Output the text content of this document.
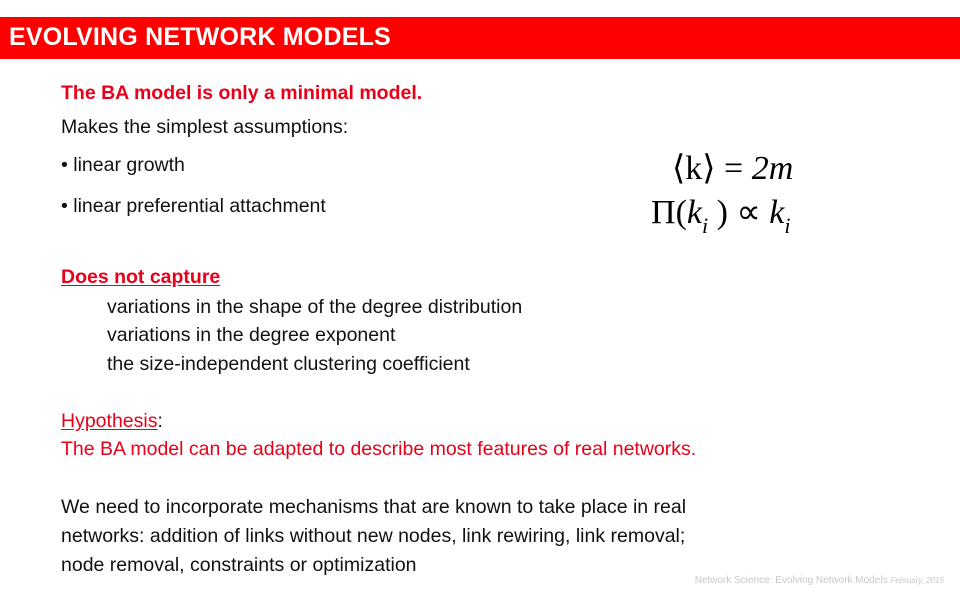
EVOLVING NETWORK MODELS
The BA model is only a minimal model.
Makes the simplest assumptions:
• linear growth
• linear preferential attachment
⟨k⟩ = 2m
$\Pi(k_i$ ) ∝ $k_i$
Does not capture
variations in the shape of the degree distribution
variations in the degree exponent
the size-independent clustering coefficient
Hypothesis:
The BA model can be adapted to describe most features of real networks.
We need to incorporate mechanisms that are known to take place in real
networks: addition of links without new nodes, link rewiring, link removal;
node removal, constraints or optimization
Network Science: Evolving Network Models February, 2015
